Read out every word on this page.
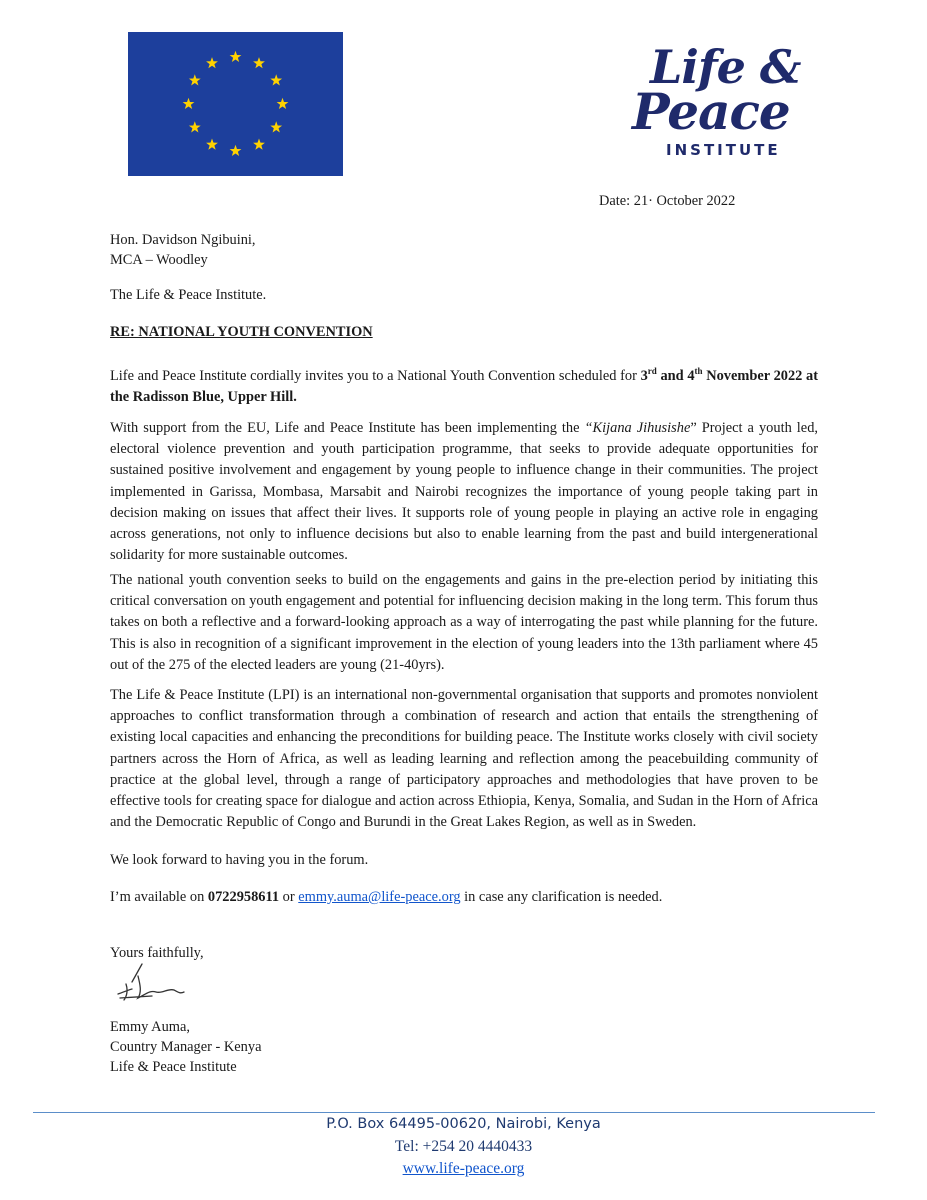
Life &
Peace
INSTITUTE
Date: 21· October 2022
Hon. Davidson Ngibuini,
MCA – Woodley
The Life & Peace Institute.
RE: NATIONAL YOUTH CONVENTION

Life and Peace Institute cordially invites you to a National Youth Convention scheduled for 3rd and 4th November 2022 at the Radisson Blue, Upper Hill.

With support from the EU, Life and Peace Institute has been implementing the “Kijana Jihusishe” Project a youth led, electoral violence prevention and youth participation programme, that seeks to provide adequate opportunities for sustained positive involvement and engagement by young people to influence change in their communities. The project implemented in Garissa, Mombasa, Marsabit and Nairobi recognizes the importance of young people taking part in decision making on issues that affect their lives. It supports role of young people in playing an active role in engaging across generations, not only to influence decisions but also to enable learning from the past and build intergenerational solidarity for more sustainable outcomes.

The national youth convention seeks to build on the engagements and gains in the pre-election period by initiating this critical conversation on youth engagement and potential for influencing decision making in the long term. This forum thus takes on both a reflective and a forward-looking approach as a way of interrogating the past while planning for the future. This is also in recognition of a significant improvement in the election of young leaders into the 13th parliament where 45 out of the 275 of the elected leaders are young (21-40yrs).

The Life & Peace Institute (LPI) is an international non-governmental organisation that supports and promotes nonviolent approaches to conflict transformation through a combination of research and action that entails the strengthening of existing local capacities and enhancing the preconditions for building peace. The Institute works closely with civil society partners across the Horn of Africa, as well as leading learning and reflection among the peacebuilding community of practice at the global level, through a range of participatory approaches and methodologies that have proven to be effective tools for creating space for dialogue and action across Ethiopia, Kenya, Somalia, and Sudan in the Horn of Africa and the Democratic Republic of Congo and Burundi in the Great Lakes Region, as well as in Sweden.

We look forward to having you in the forum.

I’m available on 0722958611 or emmy.auma@life-peace.org in case any clarification is needed.

Yours faithfully,
Emmy Auma,
Country Manager - Kenya
Life & Peace Institute
P.O. Box 64495-00620, Nairobi, Kenya
Tel: +254 20 4440433
www.life-peace.org
